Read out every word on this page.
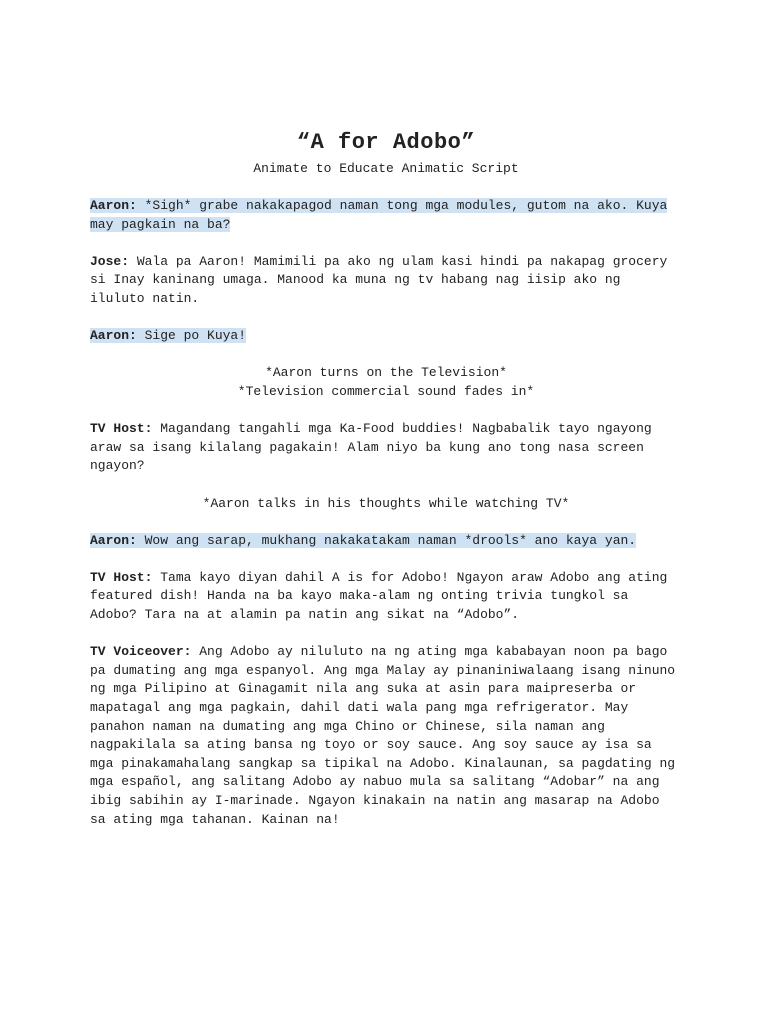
“A for Adobo”

Animate to Educate Animatic Script

Aaron: *Sigh* grabe nakakapagod naman tong mga modules, gutom na ako. Kuya may pagkain na ba?

Jose: Wala pa Aaron! Mamimili pa ako ng ulam kasi hindi pa nakapag grocery si Inay kaninang umaga. Manood ka muna ng tv habang nag iisip ako ng iluluto natin.

Aaron: Sige po Kuya!

*Aaron turns on the Television*
*Television commercial sound fades in*

TV Host: Magandang tangahli mga Ka-Food buddies! Nagbabalik tayo ngayong araw sa isang kilalang pagakain! Alam niyo ba kung ano tong nasa screen ngayon?

*Aaron talks in his thoughts while watching TV*

Aaron: Wow ang sarap, mukhang nakakatakam naman *drools* ano kaya yan.

TV Host: Tama kayo diyan dahil A is for Adobo! Ngayon araw Adobo ang ating featured dish! Handa na ba kayo maka-alam ng onting trivia tungkol sa Adobo? Tara na at alamin pa natin ang sikat na “Adobo”.

TV Voiceover: Ang Adobo ay niluluto na ng ating mga kababayan noon pa bago pa dumating ang mga espanyol. Ang mga Malay ay pinaniniwalaang isang ninuno ng mga Pilipino at Ginagamit nila ang suka at asin para maipreserba or mapatagal ang mga pagkain, dahil dati wala pang mga refrigerator. May panahon naman na dumating ang mga Chino or Chinese, sila naman ang nagpakilala sa ating bansa ng toyo or soy sauce. Ang soy sauce ay isa sa mga pinakamahalang sangkap sa tipikal na Adobo. Kinalaunan, sa pagdating ng mga español, ang salitang Adobo ay nabuo mula sa salitang “Adobar” na ang ibig sabihin ay I-marinade. Ngayon kinakain na natin ang masarap na Adobo sa ating mga tahanan. Kainan na!
